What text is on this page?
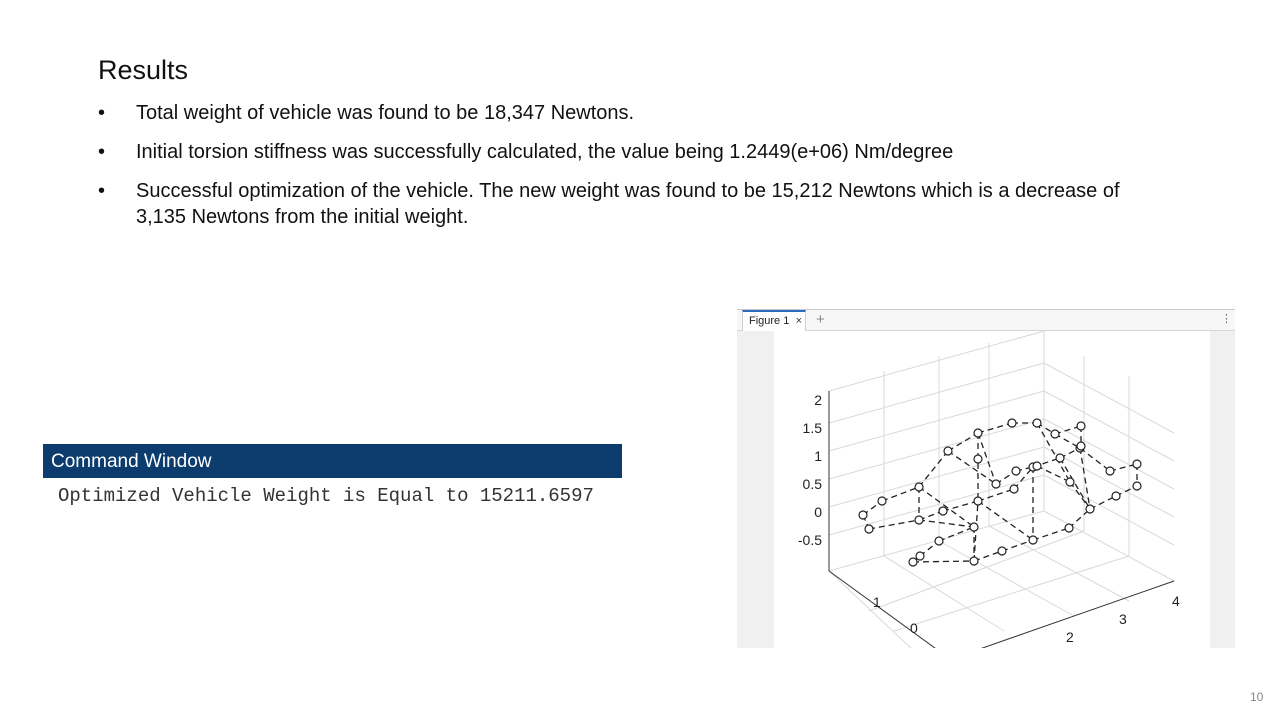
Results
•	Total weight of vehicle was found to be 18,347 Newtons.
•	Initial torsion stiffness was successfully calculated, the value being 1.2449(e+06) Nm/degree
•	Successful optimization of the vehicle. The new weight was found to be 15,212 Newtons which is a decrease of 3,135 Newtons from the initial weight.
Command Window
Optimized Vehicle Weight is Equal to 15211.6597
Figure 1 × +	⋮
2
1.5
1
0.5
0
-0.5
2
3
4
1
0
10
